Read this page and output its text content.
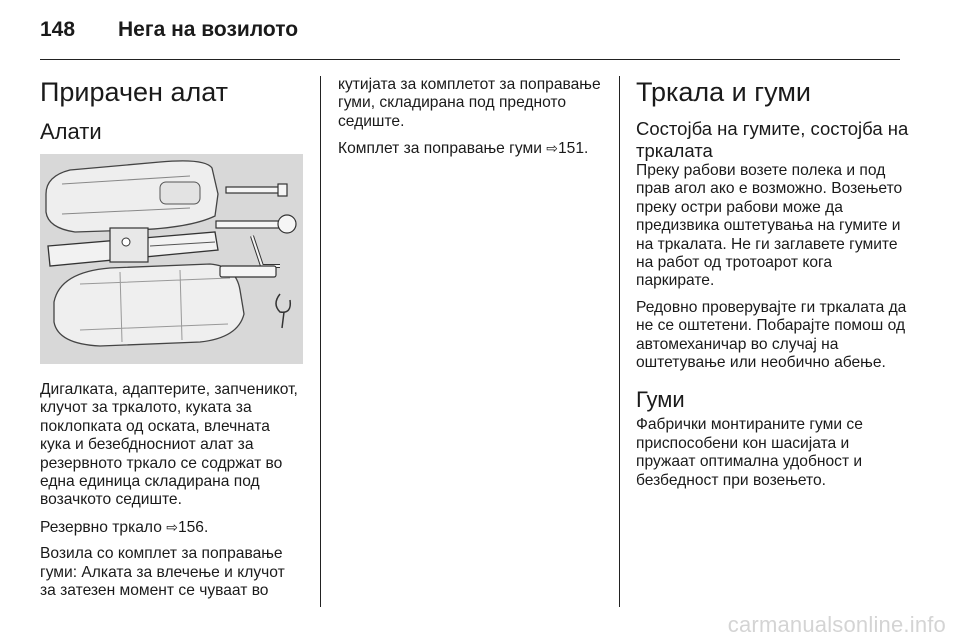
148	Нега на возилото
Прирачен алат
Алати

Дигалката, адаптерите, запченикот, клучот за тркалото, куката за поклопката од оската, влечната кука и безебдносниот алат за резервното тркало се содржат во една единица складирана под возачкото седиште.

Резервно тркало ⇨156.

Возила со комплет за поправање гуми: Алката за влечење и клучот за затезен момент се чуваат во

кутијата за комплетот за поправање гуми, складирана под предното седиште.

Комплет за поправање гуми ⇨151.

Тркала и гуми
Состојба на гумите, состојба на тркалата

Преку рабови возете полека и под прав агол ако е возможно. Возењето преку остри рабови може да предизвика оштетувања на гумите и на тркалата. Не ги заглавете гумите на работ од тротоарот кога паркирате.

Редовно проверувајте ги тркалата да не се оштетени. Побарајте помош од автомеханичар во случај на оштетување или необично абење.

Гуми

Фабрички монтираните гуми се приспособени кон шасијата и пружаат оптимална удобност и безбедност при возењето.

carmanualsonline.info
